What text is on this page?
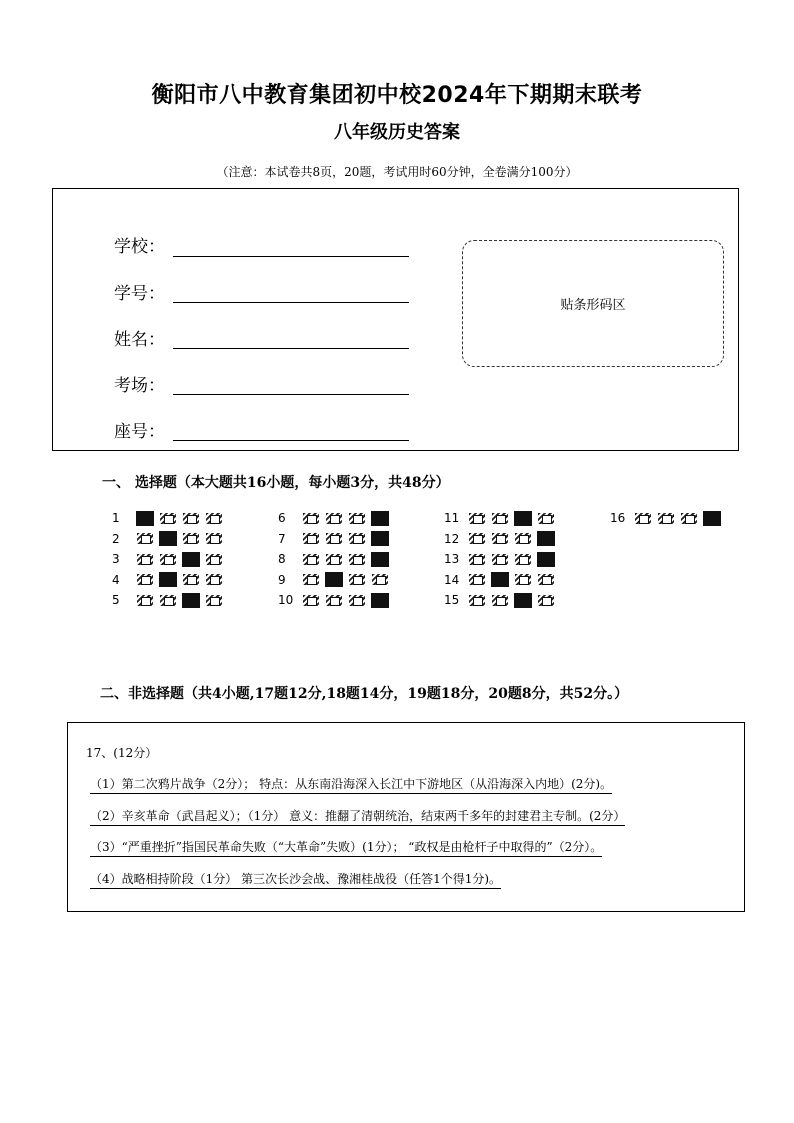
衡阳市八中教育集团初中校2024年下期期末联考
八年级历史答案
（注意：本试卷共8页，20题，考试用时60分钟，全卷满分100分）
学校：
学号：
姓名：
考场：
座号：
贴条形码区
一、 选择题（本大题共16小题，每小题3分，共48分）
1
2
3
4
5
6
7
8
9
10
11
12
13
14
15
16
二、非选择题（共4小题,17题12分,18题14分，19题18分，20题8分，共52分。）
17、(12分）
（1）第二次鸦片战争（2分）； 特点：从东南沿海深入长江中下游地区（从沿海深入内地）(2分)。
（2）辛亥革命（武昌起义）；（1分） 意义：推翻了清朝统治，结束两千多年的封建君主专制。(2分）
（3）“严重挫折”指国民革命失败（“大革命”失败）(1分）； “政权是由枪杆子中取得的”（2分）。
（4）战略相持阶段（1分） 第三次长沙会战、豫湘桂战役（任答1个得1分)。
